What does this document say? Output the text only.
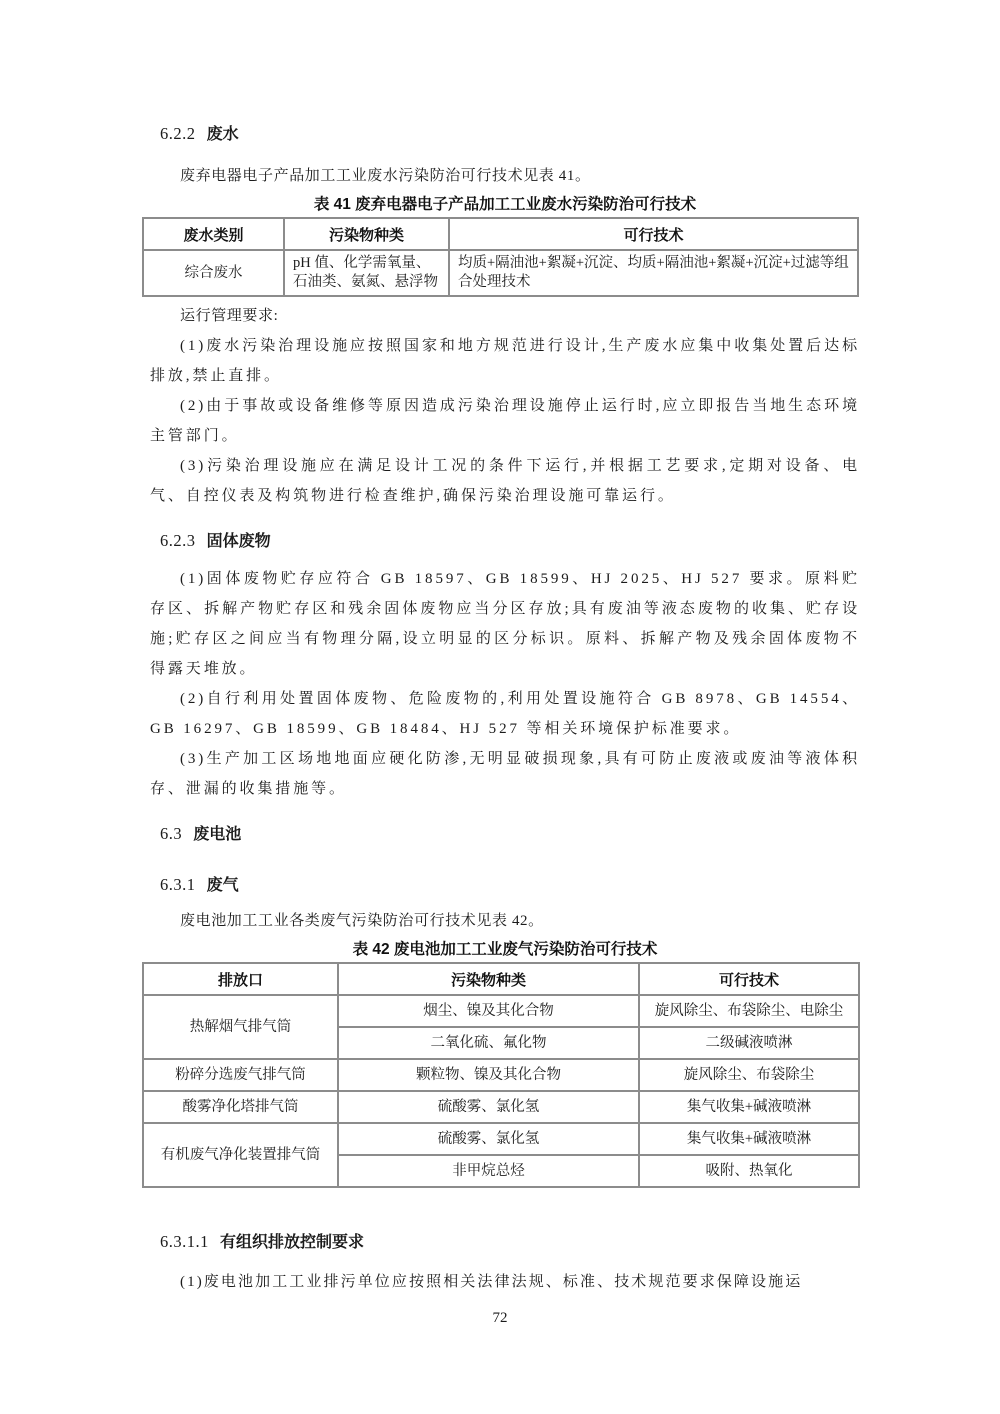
6.2.2 废水

废弃电器电子产品加工工业废水污染防治可行技术见表 41。

表 41 废弃电器电子产品加工工业废水污染防治可行技术

废水类别	污染物种类	可行技术
综合废水	pH 值、化学需氧量、石油类、氨氮、悬浮物	均质+隔油池+絮凝+沉淀、均质+隔油池+絮凝+沉淀+过滤等组合处理技术

运行管理要求:

(1)废水污染治理设施应按照国家和地方规范进行设计,生产废水应集中收集处置后达标排放,禁止直排。

(2)由于事故或设备维修等原因造成污染治理设施停止运行时,应立即报告当地生态环境主管部门。

(3)污染治理设施应在满足设计工况的条件下运行,并根据工艺要求,定期对设备、电气、自控仪表及构筑物进行检查维护,确保污染治理设施可靠运行。

6.2.3 固体废物

(1)固体废物贮存应符合 GB 18597、GB 18599、HJ 2025、HJ 527 要求。原料贮存区、拆解产物贮存区和残余固体废物应当分区存放;具有废油等液态废物的收集、贮存设施;贮存区之间应当有物理分隔,设立明显的区分标识。原料、拆解产物及残余固体废物不得露天堆放。

(2)自行利用处置固体废物、危险废物的,利用处置设施符合 GB 8978、GB 14554、GB 16297、GB 18599、GB 18484、HJ 527 等相关环境保护标准要求。

(3)生产加工区场地地面应硬化防渗,无明显破损现象,具有可防止废液或废油等液体积存、泄漏的收集措施等。

6.3 废电池
6.3.1 废气

废电池加工工业各类废气污染防治可行技术见表 42。

表 42 废电池加工工业废气污染防治可行技术

排放口	污染物种类	可行技术
热解烟气排气筒	烟尘、镍及其化合物	旋风除尘、布袋除尘、电除尘
	二氧化硫、氟化物	二级碱液喷淋
粉碎分选废气排气筒	颗粒物、镍及其化合物	旋风除尘、布袋除尘
酸雾净化塔排气筒	硫酸雾、氯化氢	集气收集+碱液喷淋
有机废气净化装置排气筒	硫酸雾、氯化氢	集气收集+碱液喷淋
	非甲烷总烃	吸附、热氧化
6.3.1.1 有组织排放控制要求

(1)废电池加工工业排污单位应按照相关法律法规、标准、技术规范要求保障设施运

72
